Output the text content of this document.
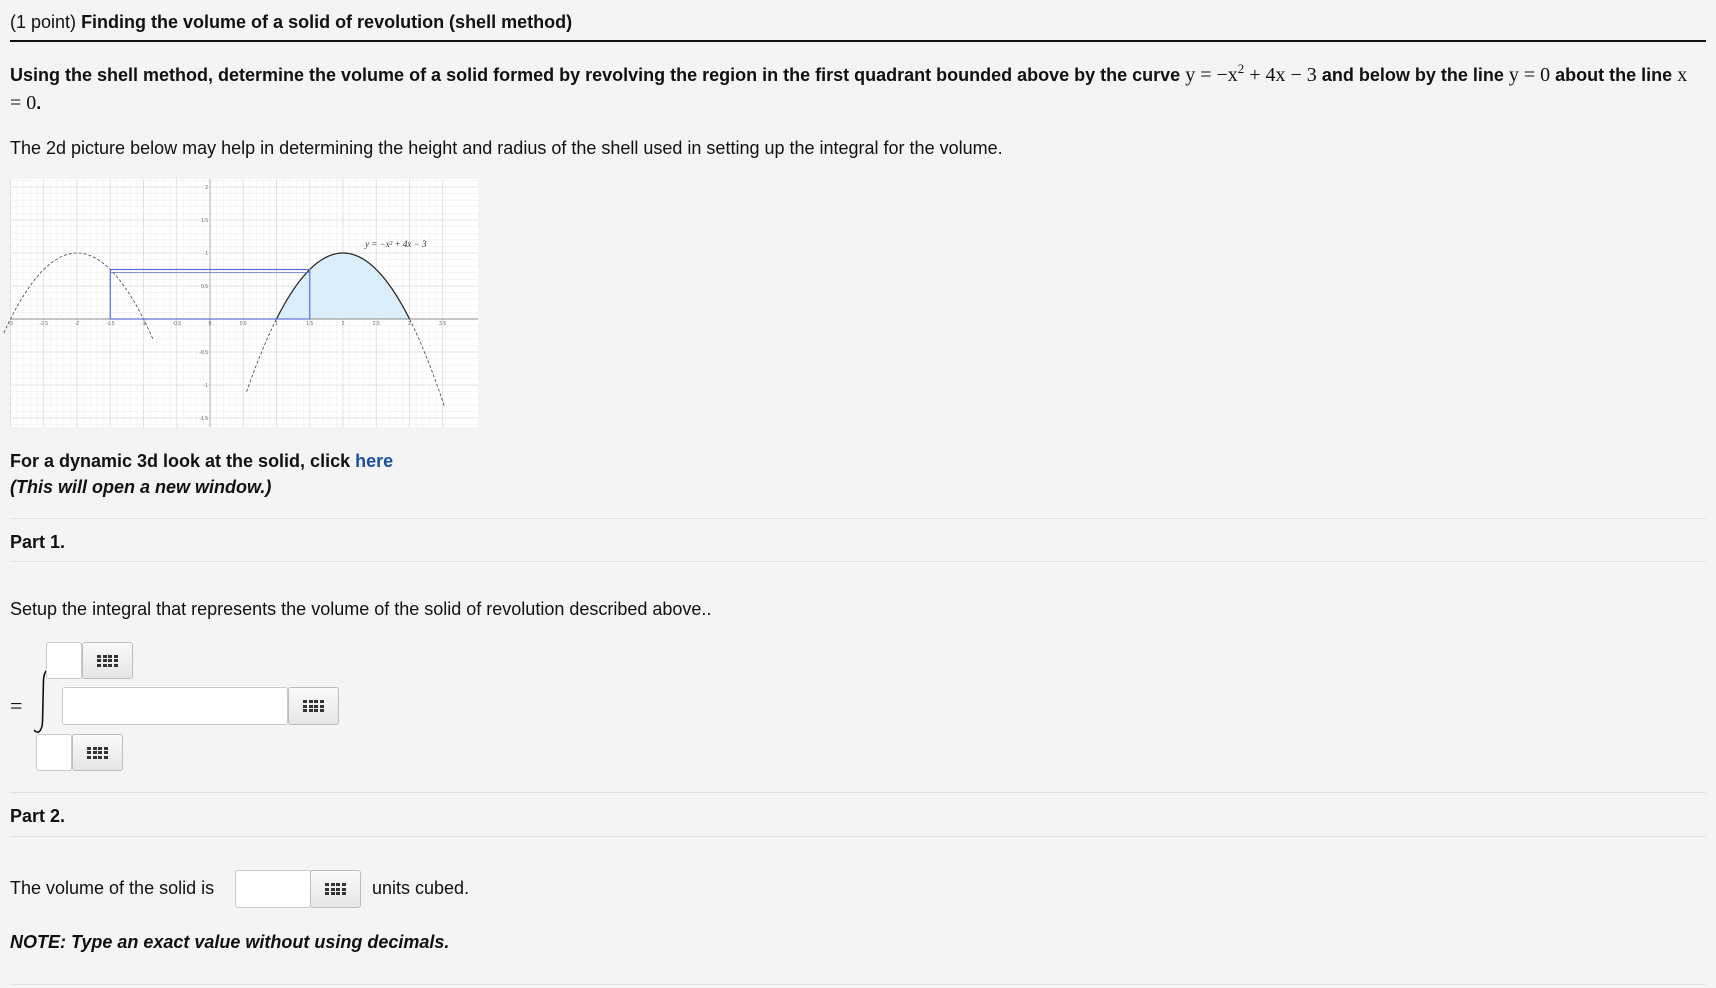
(1 point) Finding the volume of a solid of revolution (shell method)
Using the shell method, determine the volume of a solid formed by revolving the region in the first quadrant bounded above by the curve $y = -x^2 + 4x - 3$ and below by the line y = 0 about the line x = 0.
The 2d picture below may help in determining the height and radius of the shell used in setting up the integral for the volume.
2
1.5
1
0.5
-0.5
-1
-1.5
-3	-2.5	-2	-1.5	-1	-0.5	0	0.5	1	1.5	2	2.5	3	3.5
y = −x² + 4x − 3
For a dynamic 3d look at the solid, click here
(This will open a new window.)
Part 1.
Setup the integral that represents the volume of the solid of revolution described above..
=
Part 2.
The volume of the solid is	units cubed.
NOTE: Type an exact value without using decimals.
